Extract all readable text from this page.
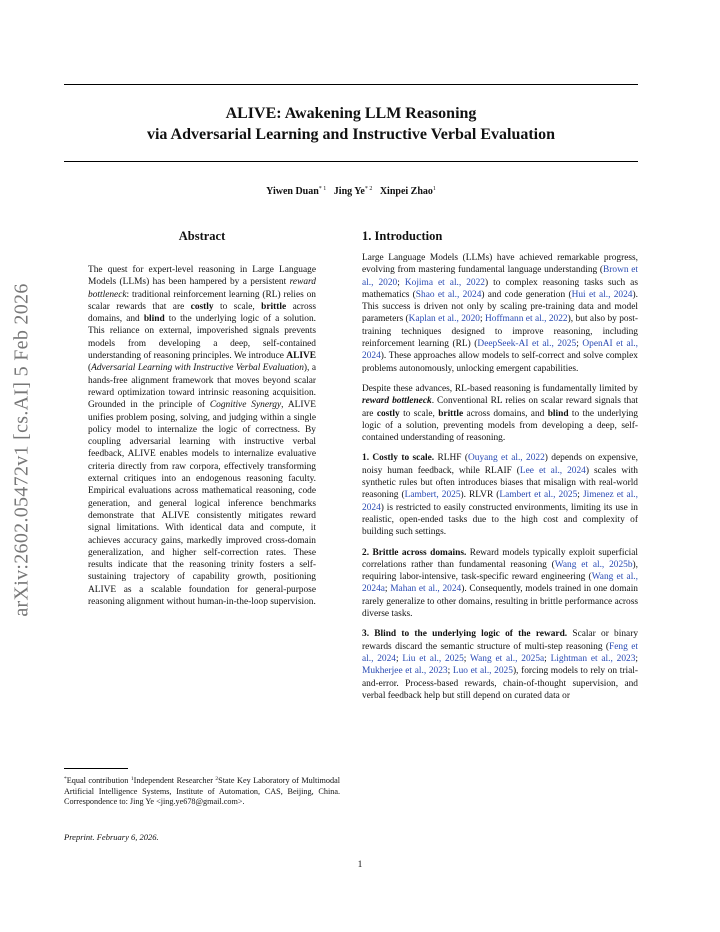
arXiv:2602.05472v1 [cs.AI] 5 Feb 2026
ALIVE: Awakening LLM Reasoning
via Adversarial Learning and Instructive Verbal Evaluation
Yiwen Duan$^{* 1}$ Jing Ye$^{* 2}$ Xinpei Zhao$^1$
Abstract
The quest for expert-level reasoning in Large Language Models (LLMs) has been hampered by a persistent reward bottleneck: traditional reinforcement learning (RL) relies on scalar rewards that are costly to scale, brittle across domains, and blind to the underlying logic of a solution. This reliance on external, impoverished signals prevents models from developing a deep, self-contained understanding of reasoning principles. We introduce ALIVE (Adversarial Learning with Instructive Verbal Evaluation), a hands-free alignment framework that moves beyond scalar reward optimization toward intrinsic reasoning acquisition. Grounded in the principle of Cognitive Synergy, ALIVE unifies problem posing, solving, and judging within a single policy model to internalize the logic of correctness. By coupling adversarial learning with instructive verbal feedback, ALIVE enables models to internalize evaluative criteria directly from raw corpora, effectively transforming external critiques into an endogenous reasoning faculty. Empirical evaluations across mathematical reasoning, code generation, and general logical inference benchmarks demonstrate that ALIVE consistently mitigates reward signal limitations. With identical data and compute, it achieves accuracy gains, markedly improved cross-domain generalization, and higher self-correction rates. These results indicate that the reasoning trinity fosters a self-sustaining trajectory of capability growth, positioning ALIVE as a scalable foundation for general-purpose reasoning alignment without human-in-the-loop supervision.
*Equal contribution $^1$Independent Researcher $^2$State Key Laboratory of Multimodal Artificial Intelligence Systems, Institute of Automation, CAS, Beijing, China. Correspondence to: Jing Ye <jing.ye678@gmail.com>.
Preprint. February 6, 2026.
1. Introduction

Large Language Models (LLMs) have achieved remarkable progress, evolving from mastering fundamental language understanding (Brown et al., 2020; Kojima et al., 2022) to complex reasoning tasks such as mathematics (Shao et al., 2024) and code generation (Hui et al., 2024). This success is driven not only by scaling pre-training data and model parameters (Kaplan et al., 2020; Hoffmann et al., 2022), but also by post-training techniques designed to improve reasoning, including reinforcement learning (RL) (DeepSeek-AI et al., 2025; OpenAI et al., 2024). These approaches allow models to self-correct and solve complex problems autonomously, unlocking emergent capabilities.

Despite these advances, RL-based reasoning is fundamentally limited by reward bottleneck. Conventional RL relies on scalar reward signals that are costly to scale, brittle across domains, and blind to the underlying logic of a solution, preventing models from developing a deep, self-contained understanding of reasoning.

1. Costly to scale. RLHF (Ouyang et al., 2022) depends on expensive, noisy human feedback, while RLAIF (Lee et al., 2024) scales with synthetic rules but often introduces biases that misalign with real-world reasoning (Lambert, 2025). RLVR (Lambert et al., 2025; Jimenez et al., 2024) is restricted to easily constructed environments, limiting its use in realistic, open-ended tasks due to the high cost and complexity of building such settings.

2. Brittle across domains. Reward models typically exploit superficial correlations rather than fundamental reasoning (Wang et al., 2025b), requiring labor-intensive, task-specific reward engineering (Wang et al., 2024a; Mahan et al., 2024). Consequently, models trained in one domain rarely generalize to other domains, resulting in brittle performance across diverse tasks.

3. Blind to the underlying logic of the reward. Scalar or binary rewards discard the semantic structure of multi-step reasoning (Feng et al., 2024; Liu et al., 2025; Wang et al., 2025a; Lightman et al., 2023; Mukherjee et al., 2023; Luo et al., 2025), forcing models to rely on trial-and-error. Process-based rewards, chain-of-thought supervision, and verbal feedback help but still depend on curated data or

1
